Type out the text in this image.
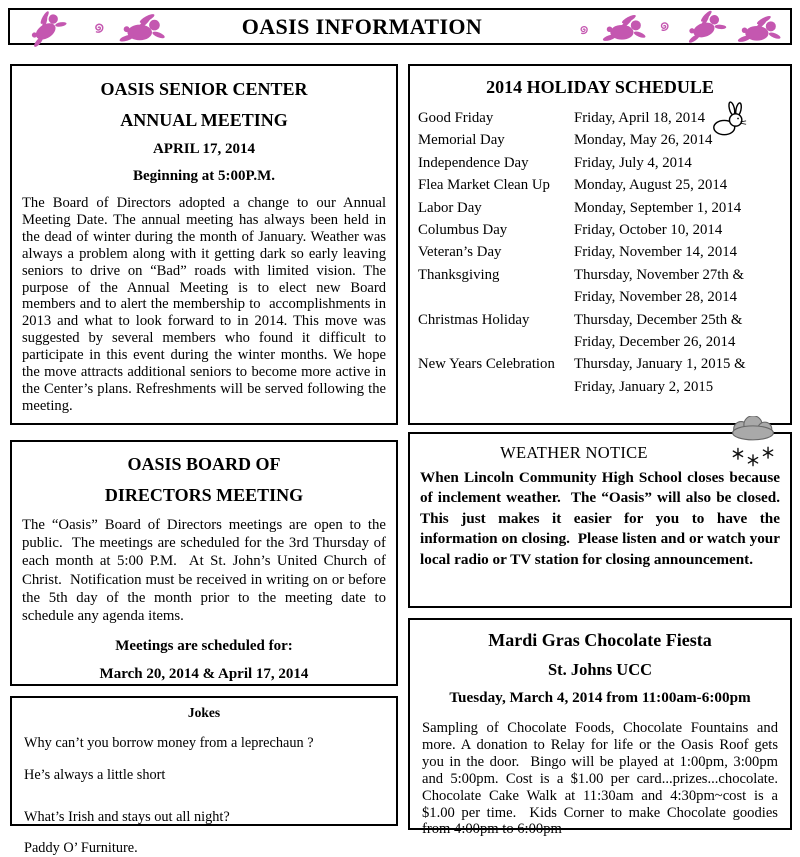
OASIS INFORMATION
OASIS SENIOR CENTER
ANNUAL MEETING
APRIL 17, 2014
Beginning at 5:00P.M.

The Board of Directors adopted a change to our Annual Meeting Date. The annual meeting has always been held in the dead of winter during the month of January. Weather was always a problem along with it getting dark so early leaving seniors to drive on “Bad” roads with limited vision. The purpose of the Annual Meeting is to elect new Board members and to alert the membership to  accomplishments in 2013 and what to look forward to in 2014. This move was suggested by several members who found it difficult to participate in this event during the winter months. We hope the move attracts additional seniors to become more active in the Center’s plans. Refreshments will be served following the meeting.

2014 HOLIDAY SCHEDULE
Good Friday	Friday, April 18, 2014
Memorial Day	Monday, May 26, 2014
Independence Day	Friday, July 4, 2014
Flea Market Clean Up	Monday, August 25, 2014
Labor Day	Monday, September 1, 2014
Columbus Day	Friday, October 10, 2014
Veteran’s Day	Friday, November 14, 2014
Thanksgiving	Thursday, November 27th &
Friday, November 28, 2014
Christmas Holiday	Thursday, December 25th &
Friday, December 26, 2014
New Years Celebration	Thursday, January 1, 2015 &
Friday, January 2, 2015
OASIS BOARD OF
DIRECTORS MEETING

The “Oasis” Board of Directors meetings are open to the public.  The meetings are scheduled for the 3rd Thursday of each month at 5:00 P.M.  At St. John’s United Church of Christ.  Notification must be received in writing on or before the 5th day of the month prior to the meeting date to schedule any agenda items.

Meetings are scheduled for:
March 20, 2014 & April 17, 2014
WEATHER NOTICE

When Lincoln Community High School closes because of inclement weather.  The “Oasis” will also be closed.  This just makes it easier for you to have the information on closing.  Please listen and or watch your local radio or TV station for closing announcement.

Jokes

Why can’t you borrow money from a leprechaun ?

He’s always a little short

What’s Irish and stays out all night?

Paddy O’ Furniture.

Mardi Gras Chocolate Fiesta
St. Johns UCC
Tuesday, March 4, 2014 from 11:00am-6:00pm

Sampling of Chocolate Foods, Chocolate Fountains and more. A donation to Relay for life or the Oasis Roof gets you in the door.  Bingo will be played at 1:00pm, 3:00pm and 5:00pm. Cost is a $1.00 per card...prizes...chocolate.  Chocolate Cake Walk at 11:30am and 4:30pm~cost is a $1.00 per time.  Kids Corner to make Chocolate goodies from 4:00pm to 6:00pm
